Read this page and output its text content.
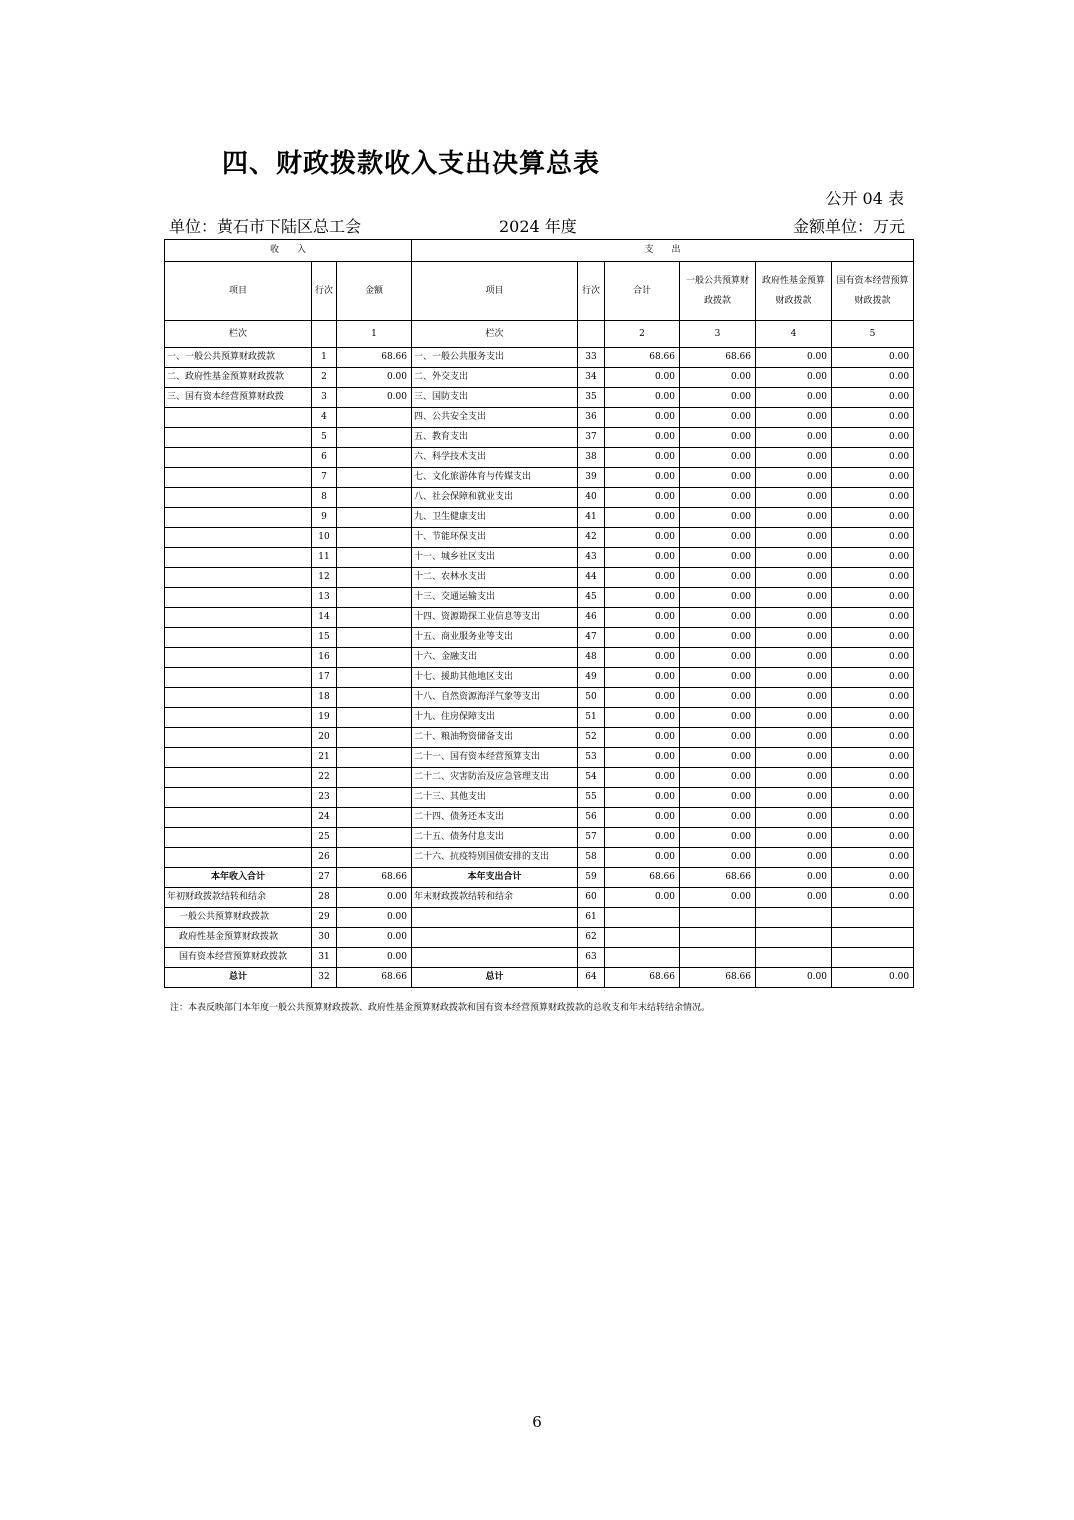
四、财政拨款收入支出决算总表
公开 04 表
单位：黄石市下陆区总工会	2024 年度	金额单位：万元
收　　入			支　　出					
项目	行次	金额	项目	行次	合计	一般公共预算财政拨款	政府性基金预算财政拨款	国有资本经营预算财政拨款
栏次		1	栏次		2	3	4	5
一、一般公共预算财政拨款	1	68.66	一、一般公共服务支出	33	68.66	68.66	0.00	0.00
二、政府性基金预算财政拨款	2	0.00	二、外交支出	34	0.00	0.00	0.00	0.00
三、国有资本经营预算财政拨	3	0.00	三、国防支出	35	0.00	0.00	0.00	0.00
	4		四、公共安全支出	36	0.00	0.00	0.00	0.00
	5		五、教育支出	37	0.00	0.00	0.00	0.00
	6		六、科学技术支出	38	0.00	0.00	0.00	0.00
	7		七、文化旅游体育与传媒支出	39	0.00	0.00	0.00	0.00
	8		八、社会保障和就业支出	40	0.00	0.00	0.00	0.00
	9		九、卫生健康支出	41	0.00	0.00	0.00	0.00
	10		十、节能环保支出	42	0.00	0.00	0.00	0.00
	11		十一、城乡社区支出	43	0.00	0.00	0.00	0.00
	12		十二、农林水支出	44	0.00	0.00	0.00	0.00
	13		十三、交通运输支出	45	0.00	0.00	0.00	0.00
	14		十四、资源勘探工业信息等支出	46	0.00	0.00	0.00	0.00
	15		十五、商业服务业等支出	47	0.00	0.00	0.00	0.00
	16		十六、金融支出	48	0.00	0.00	0.00	0.00
	17		十七、援助其他地区支出	49	0.00	0.00	0.00	0.00
	18		十八、自然资源海洋气象等支出	50	0.00	0.00	0.00	0.00
	19		十九、住房保障支出	51	0.00	0.00	0.00	0.00
	20		二十、粮油物资储备支出	52	0.00	0.00	0.00	0.00
	21		二十一、国有资本经营预算支出	53	0.00	0.00	0.00	0.00
	22		二十二、灾害防治及应急管理支出	54	0.00	0.00	0.00	0.00
	23		二十三、其他支出	55	0.00	0.00	0.00	0.00
	24		二十四、债务还本支出	56	0.00	0.00	0.00	0.00
	25		二十五、债务付息支出	57	0.00	0.00	0.00	0.00
	26		二十六、抗疫特别国债安排的支出	58	0.00	0.00	0.00	0.00
本年收入合计	27	68.66	本年支出合计	59	68.66	68.66	0.00	0.00
年初财政拨款结转和结余	28	0.00	年末财政拨款结转和结余	60	0.00	0.00	0.00	0.00
一般公共预算财政拨款	29	0.00		61				
政府性基金预算财政拨款	30	0.00		62				
国有资本经营预算财政拨款	31	0.00		63				
总计	32	68.66	总计	64	68.66	68.66	0.00	0.00
注：本表反映部门本年度一般公共预算财政拨款、政府性基金预算财政拨款和国有资本经营预算财政拨款的总收支和年末结转结余情况。
6
